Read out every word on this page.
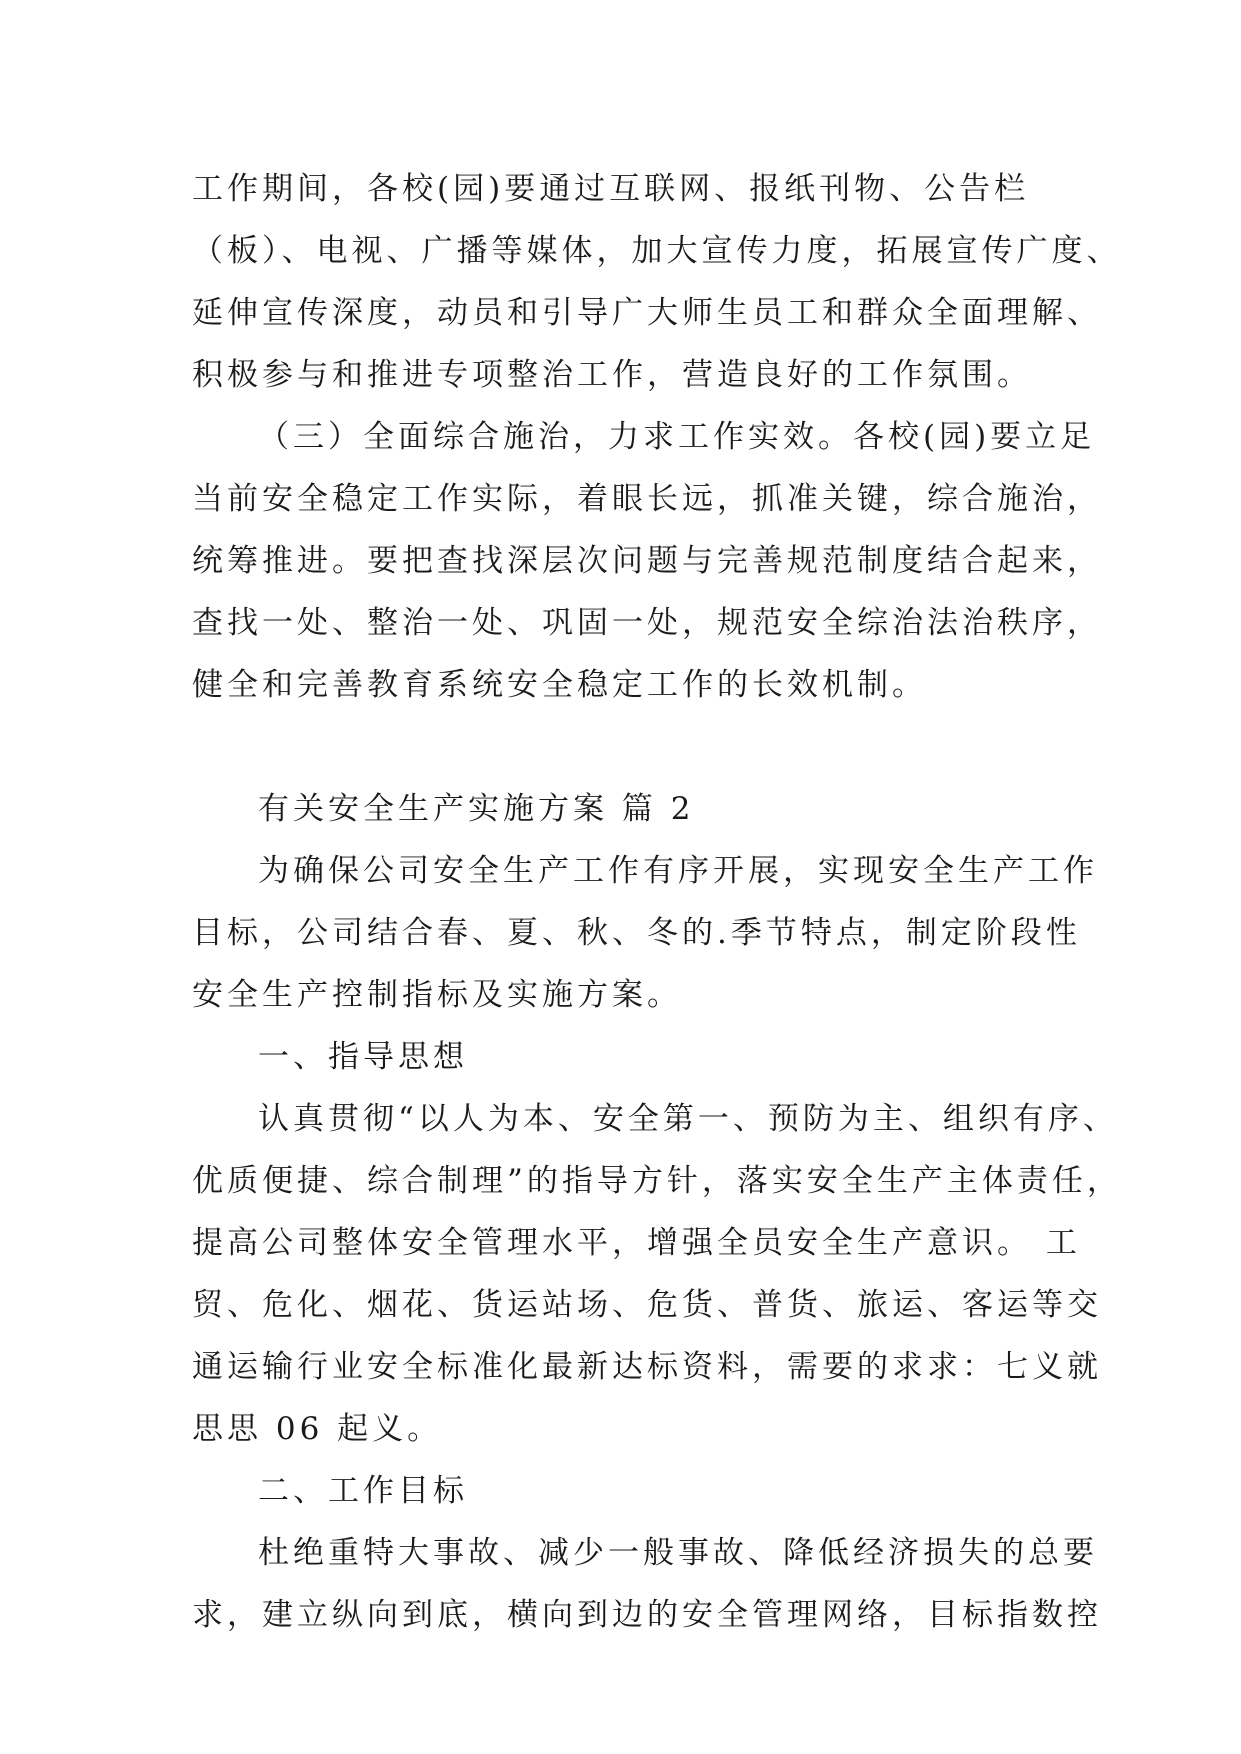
工作期间，各校(园)要通过互联网、报纸刊物、公告栏
（板）、电视、广播等媒体，加大宣传力度，拓展宣传广度、
延伸宣传深度，动员和引导广大师生员工和群众全面理解、
积极参与和推进专项整治工作，营造良好的工作氛围。
（三）全面综合施治，力求工作实效。各校(园)要立足
当前安全稳定工作实际，着眼长远，抓准关键，综合施治，
统筹推进。要把查找深层次问题与完善规范制度结合起来，
查找一处、整治一处、巩固一处，规范安全综治法治秩序，
健全和完善教育系统安全稳定工作的长效机制。
有关安全生产实施方案 篇 2
为确保公司安全生产工作有序开展，实现安全生产工作
目标，公司结合春、夏、秋、冬的.季节特点，制定阶段性
安全生产控制指标及实施方案。
一、指导思想
认真贯彻“以人为本、安全第一、预防为主、组织有序、
优质便捷、综合制理”的指导方针，落实安全生产主体责任，
提高公司整体安全管理水平，增强全员安全生产意识。 工
贸、危化、烟花、货运站场、危货、普货、旅运、客运等交
通运输行业安全标准化最新达标资料，需要的求求：七义就
思思 06 起义。
二、工作目标
杜绝重特大事故、减少一般事故、降低经济损失的总要
求，建立纵向到底，横向到边的安全管理网络，目标指数控
